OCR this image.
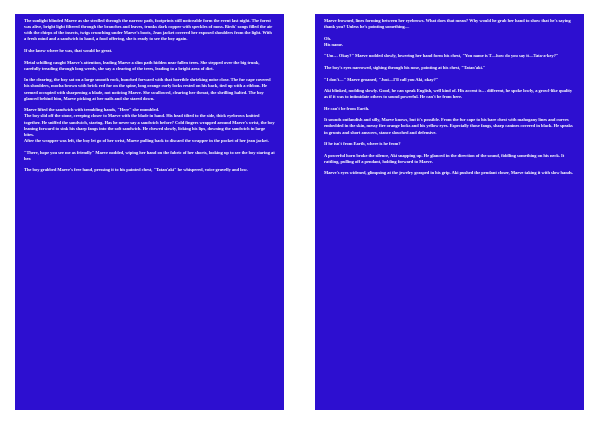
The sunlight blinded Maeve as she strolled through the narrow path, footprints still noticeable form the event last night. The forest was alive, bright light filtered through the branches and leaves, trunks dark copper with speckles of moss. Birds' songs filled the air with the chirps of the insects, twigs crunching under Maeve's boots, Jean jacket covered her exposed shoulders from the light. With a fresh mind and a sandwich in hand, a food offering, she is ready to see the boy again.

If she knew where he was, that would be great.

Metal schilling caught Maeve's attention, leading Maeve a slim path hidden near fallen trees. She stepped over the big trunk, carefully treading through long weeds, she say a clearing of the trees, leading to a bright area of dirt.

In the clearing, the boy sat on a large smooth rock, hunched forward with that horrible shrieking noise close. The fur cape covered his shoulders, mocha brown with brick red fur on the spine, long orange curly locks rested on his back, tied up with a ribbon. He seemed occupied with sharpening a blade, not noticing Maeve. She swallowed, clearing her throat, the shrilling halted. The boy glanced behind him, Maeve picking at her nails and she stared down.

Maeve lifted the sandwich with trembling hands, "Here" she mumbled.
The boy slid off the stone, creeping closer to Maeve with the blade in hand. His head tilted to the side, thick eyebrows knitted together. He sniffed the sandwich, staring. Has he never say a sandwich before? Cold fingers wrapped around Maeve's wrist, the boy leaning forward to sink his sharp fangs into the soft sandwich. He chewed slowly, licking his lips, downing the sandwich in large bites.
After the wrapper was left, the boy let go of her wrist, Maeve pulling back to discard the wrapper in the pocket of her jean jacket.

"There, hope you see me as friendly" Maeve nodded, wiping her hand on the fabric of her shorts, looking up to see the boy staring at her.

The boy grabbed Maeve's free hand, pressing it to his painted chest, "Tatan'aki" he whispered, voice gravelly and low.

Maeve frowned, lines forming between her eyebrows. What does that mean? Why would he grab her hand to show that he's saying thank you? Unless he's pointing something—

Oh.
His name.

"Um… Okay?" Maeve nodded slowly, lowering her hand form his chest, "You name is T—how do you say it—Tata-a-key?"

The boy's eyes narrowed, sighing through his nose, pointing at his chest, "Tatan'aki."

"I don't—" Maeve groaned, "Just—I'll call you Aki, okay?"

Aki blinked, nodding slowly. Good, he can speak English, well kind of. His accent is… different, he spoke lowly, a growl-like quality as if it was to intimidate others to sound powerful. He can't be from here.

He can't be from Earth.

It sounds outlandish and silly, Maeve knows, but it's possible. From the fur cape to his bare chest with mahogany lines and curves embedded in the skin, messy fire orange locks and his yellow eyes. Especially those fangs, sharp canines covered in black. He speaks in grunts and short answers, stance slouched and defensive.

If he isn't from Earth, where is he from?

A powerful horn broke the silence, Aki snapping up. He glanced in the direction of the sound, fiddling something on his neck. It rattling, pulling off a pendant, holding forward to Maeve.

Maeve's eyes widened, glimpsing at the jewelry grasped in his grip. Aki pushed the pendant closer, Maeve taking it with slow hands.
